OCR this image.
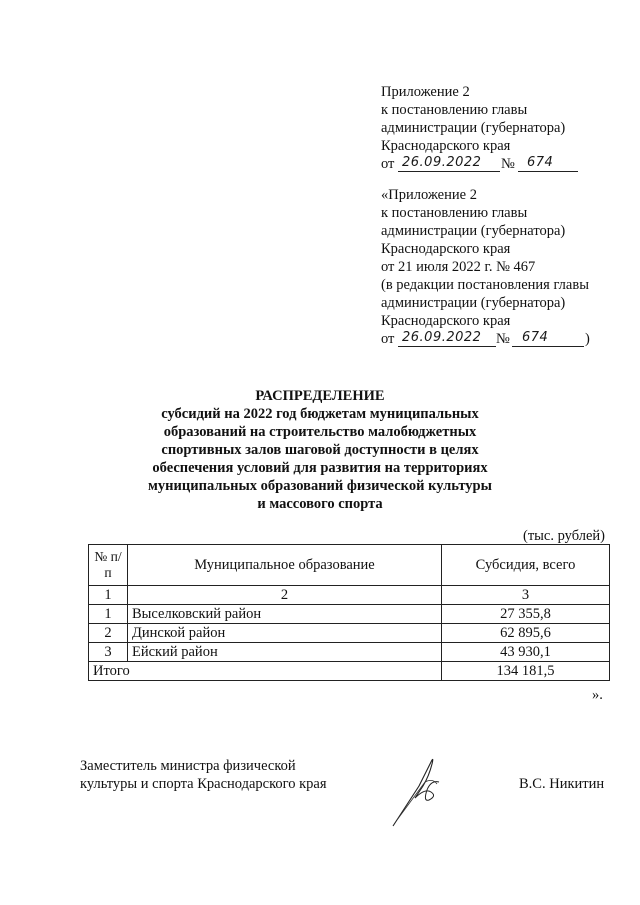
Приложение 2
к постановлению главы
администрации (губернатора)
Краснодарского края
от 26.09.2022 № 674
«Приложение 2
к постановлению главы
администрации (губернатора)
Краснодарского края
от 21 июля 2022 г. № 467
(в редакции постановления главы
администрации (губернатора)
Краснодарского края
от 26.09.2022 № 674	)
РАСПРЕДЕЛЕНИЕ
субсидий на 2022 год бюджетам муниципальных
образований на строительство малобюджетных
спортивных залов шаговой доступности в целях
обеспечения условий для развития на территориях
муниципальных образований физической культуры
и массового спорта
(тыс. рублей)
№ п/п	Муниципальное образование	Субсидия, всего
1	2	3
1	Выселковский район	27 355,8
2	Динской район	62 895,6
3	Ейский район	43 930,1
Итого		134 181,5
».
Заместитель министра физической
культуры и спорта Краснодарского края	В.С. Никитин
